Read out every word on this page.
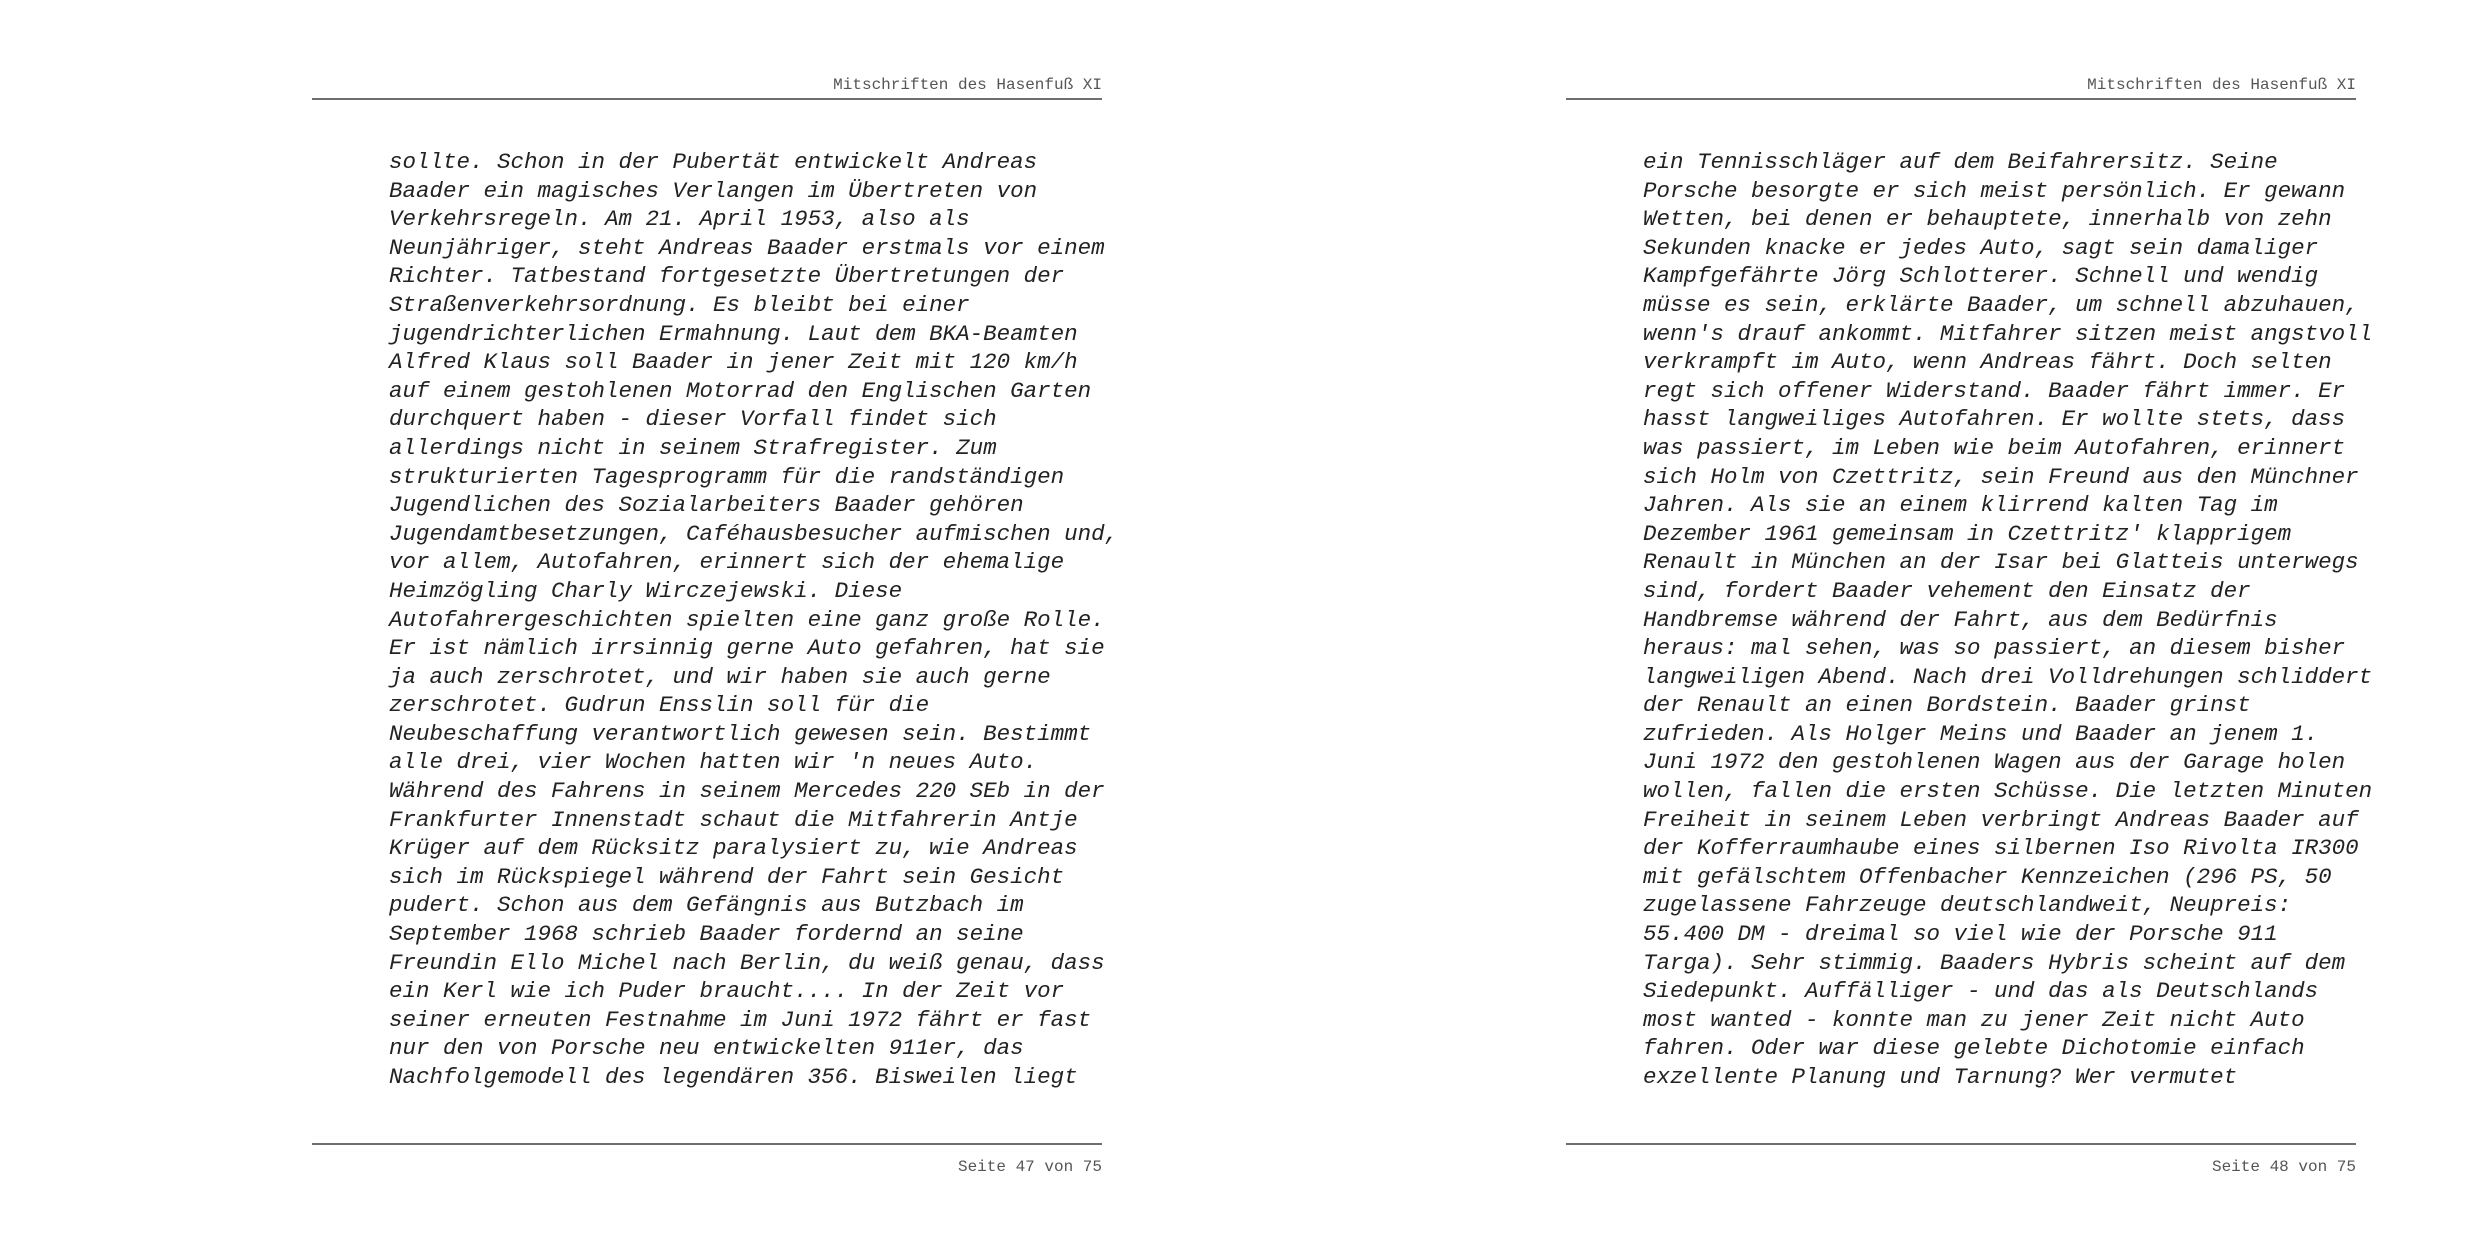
Mitschriften des Hasenfuß XI
sollte. Schon in der Pubertät entwickelt Andreas
Baader ein magisches Verlangen im Übertreten von
Verkehrsregeln. Am 21. April 1953, also als
Neunjähriger, steht Andreas Baader erstmals vor einem
Richter. Tatbestand fortgesetzte Übertretungen der
Straßenverkehrsordnung. Es bleibt bei einer
jugendrichterlichen Ermahnung. Laut dem BKA-Beamten
Alfred Klaus soll Baader in jener Zeit mit 120 km/h
auf einem gestohlenen Motorrad den Englischen Garten
durchquert haben - dieser Vorfall findet sich
allerdings nicht in seinem Strafregister. Zum
strukturierten Tagesprogramm für die randständigen
Jugendlichen des Sozialarbeiters Baader gehören
Jugendamtbesetzungen, Caféhausbesucher aufmischen und,
vor allem, Autofahren, erinnert sich der ehemalige
Heimzögling Charly Wirczejewski. Diese
Autofahrergeschichten spielten eine ganz große Rolle.
Er ist nämlich irrsinnig gerne Auto gefahren, hat sie
ja auch zerschrotet, und wir haben sie auch gerne
zerschrotet. Gudrun Ensslin soll für die
Neubeschaffung verantwortlich gewesen sein. Bestimmt
alle drei, vier Wochen hatten wir 'n neues Auto.
Während des Fahrens in seinem Mercedes 220 SEb in der
Frankfurter Innenstadt schaut die Mitfahrerin Antje
Krüger auf dem Rücksitz paralysiert zu, wie Andreas
sich im Rückspiegel während der Fahrt sein Gesicht
pudert. Schon aus dem Gefängnis aus Butzbach im
September 1968 schrieb Baader fordernd an seine
Freundin Ello Michel nach Berlin, du weiß genau, dass
ein Kerl wie ich Puder braucht.... In der Zeit vor
seiner erneuten Festnahme im Juni 1972 fährt er fast
nur den von Porsche neu entwickelten 911er, das
Nachfolgemodell des legendären 356. Bisweilen liegt
Seite 47 von 75
Mitschriften des Hasenfuß XI
ein Tennisschläger auf dem Beifahrersitz. Seine
Porsche besorgte er sich meist persönlich. Er gewann
Wetten, bei denen er behauptete, innerhalb von zehn
Sekunden knacke er jedes Auto, sagt sein damaliger
Kampfgefährte Jörg Schlotterer. Schnell und wendig
müsse es sein, erklärte Baader, um schnell abzuhauen,
wenn's drauf ankommt. Mitfahrer sitzen meist angstvoll
verkrampft im Auto, wenn Andreas fährt. Doch selten
regt sich offener Widerstand. Baader fährt immer. Er
hasst langweiliges Autofahren. Er wollte stets, dass
was passiert, im Leben wie beim Autofahren, erinnert
sich Holm von Czettritz, sein Freund aus den Münchner
Jahren. Als sie an einem klirrend kalten Tag im
Dezember 1961 gemeinsam in Czettritz' klapprigem
Renault in München an der Isar bei Glatteis unterwegs
sind, fordert Baader vehement den Einsatz der
Handbremse während der Fahrt, aus dem Bedürfnis
heraus: mal sehen, was so passiert, an diesem bisher
langweiligen Abend. Nach drei Volldrehungen schliddert
der Renault an einen Bordstein. Baader grinst
zufrieden. Als Holger Meins und Baader an jenem 1.
Juni 1972 den gestohlenen Wagen aus der Garage holen
wollen, fallen die ersten Schüsse. Die letzten Minuten
Freiheit in seinem Leben verbringt Andreas Baader auf
der Kofferraumhaube eines silbernen Iso Rivolta IR300
mit gefälschtem Offenbacher Kennzeichen (296 PS, 50
zugelassene Fahrzeuge deutschlandweit, Neupreis:
55.400 DM - dreimal so viel wie der Porsche 911
Targa). Sehr stimmig. Baaders Hybris scheint auf dem
Siedepunkt. Auffälliger - und das als Deutschlands
most wanted - konnte man zu jener Zeit nicht Auto
fahren. Oder war diese gelebte Dichotomie einfach
exzellente Planung und Tarnung? Wer vermutet
Seite 48 von 75
